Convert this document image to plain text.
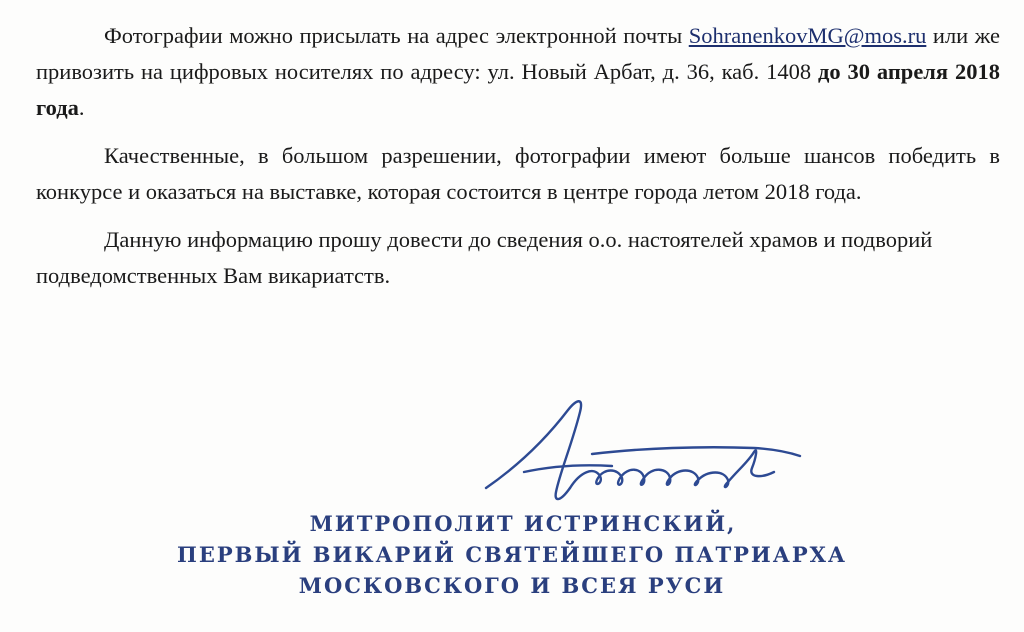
Фотографии можно присылать на адрес электронной почты SohranenkovMG@mos.ru или же привозить на цифровых носителях по адресу: ул. Новый Арбат, д. 36, каб. 1408 до 30 апреля 2018 года.

Качественные, в большом разрешении, фотографии имеют больше шансов победить в конкурсе и оказаться на выставке, которая состоится в центре города летом 2018 года.

Данную информацию прошу довести до сведения о.о. настоятелей храмов и подворий подведомственных Вам викариатств.

МИТРОПОЛИТ ИСТРИНСКИЙ,
ПЕРВЫЙ ВИКАРИЙ СВЯТЕЙШЕГО ПАТРИАРХА
МОСКОВСКОГО И ВСЕЯ РУСИ
